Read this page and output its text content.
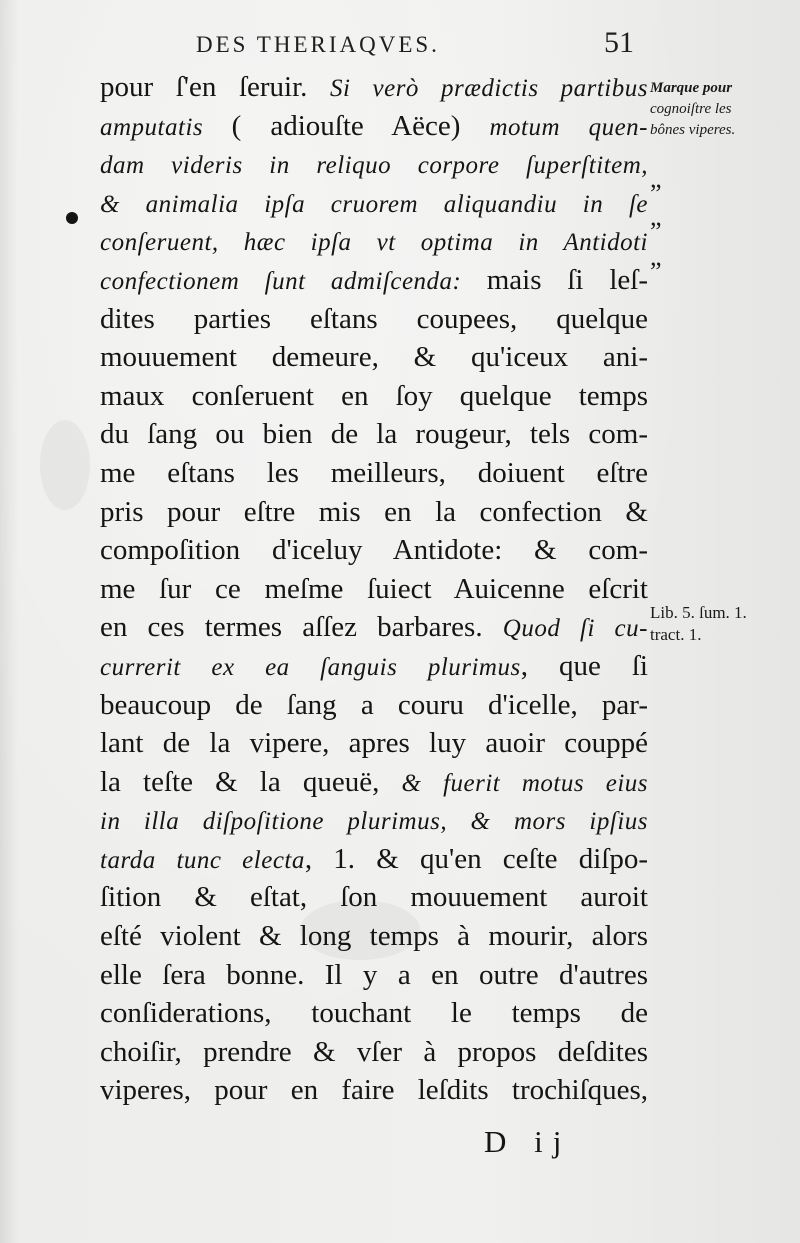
DES THERIAQVES.	51
pour ſ'en ſeruir. Si verò prædictis partibus
amputatis ( adiouſte Aëce) motum quen-
dam videris in reliquo corpore ſuperſtitem,
& animalia ipſa cruorem aliquandiu in ſe
conſeruent, hæc ipſa vt optima in Antidoti
confectionem ſunt admiſcenda: mais ſi leſ-
dites parties eſtans coupees, quelque
mouuement demeure, & qu'iceux ani-
maux conſeruent en ſoy quelque temps
du ſang ou bien de la rougeur, tels com-
me eſtans les meilleurs, doiuent eſtre
pris pour eſtre mis en la confection &
compoſition d'iceluy Antidote: & com-
me ſur ce meſme ſuiect Auicenne eſcrit
en ces termes aſſez barbares. Quod ſi cu-
currerit ex ea ſanguis plurimus, que ſi
beaucoup de ſang a couru d'icelle, par-
lant de la vipere, apres luy auoir couppé
la teſte & la queuë, & fuerit motus eius
in illa diſpoſitione plurimus, & mors ipſius
tarda tunc electa, 1. & qu'en ceſte diſpo-
ſition & eſtat, ſon mouuement auroit
eſté violent & long temps à mourir, alors
elle ſera bonne. Il y a en outre d'autres
conſiderations, touchant le temps de
choiſir, prendre & vſer à propos deſdites
viperes, pour en faire leſdits trochiſques,
Marque pour
cognoiſtre les
bônes viperes.
„
„
„
Lib. 5. ſum. 1.
tract. 1.
D ij
